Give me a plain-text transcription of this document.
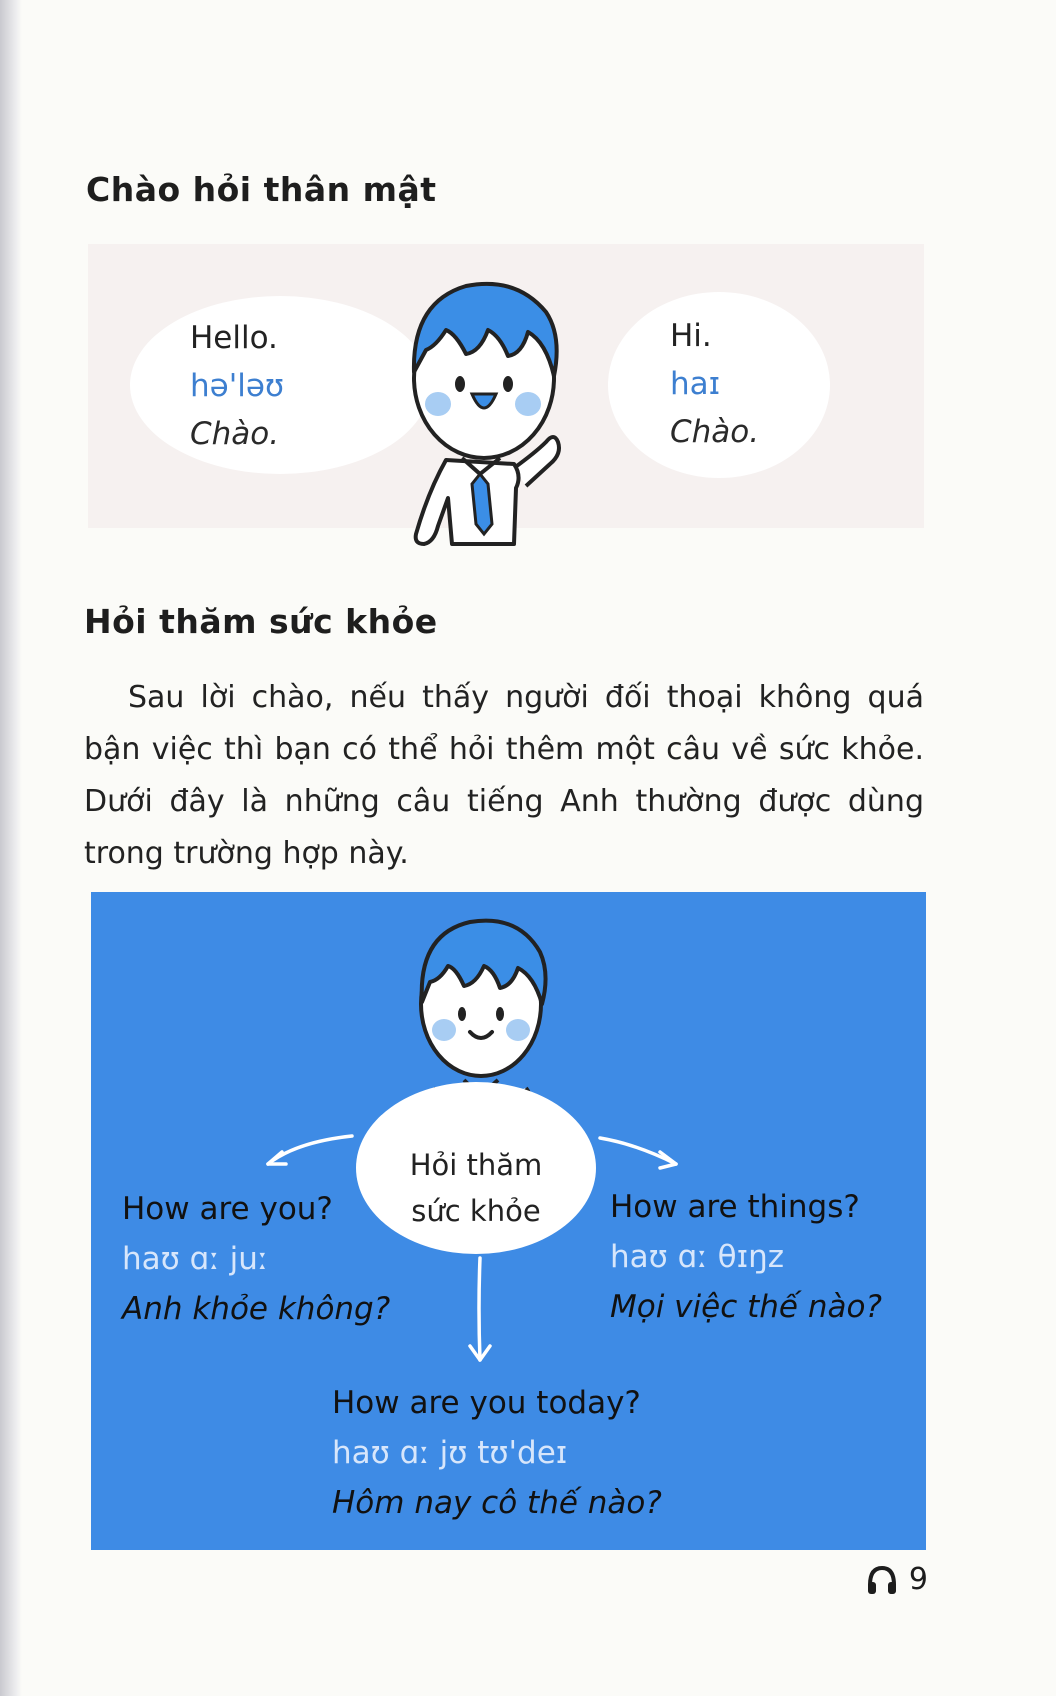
Chào hỏi thân mật
Hello.
hə'ləʊ
Chào.
Hi.
haɪ
Chào.
Hỏi thăm sức khỏe
Sau lời chào, nếu thấy người đối thoại không quá bận việc thì bạn có thể hỏi thêm một câu về sức khỏe. Dưới đây là những câu tiếng Anh thường được dùng trong trường hợp này.
Hỏi thăm
sức khỏe
How are you?
haʊ ɑː juː
Anh khỏe không?
How are things?
haʊ ɑː θɪŋz
Mọi việc thế nào?
How are you today?
haʊ ɑː jʊ tʊ'deɪ
Hôm nay cô thế nào?
9
